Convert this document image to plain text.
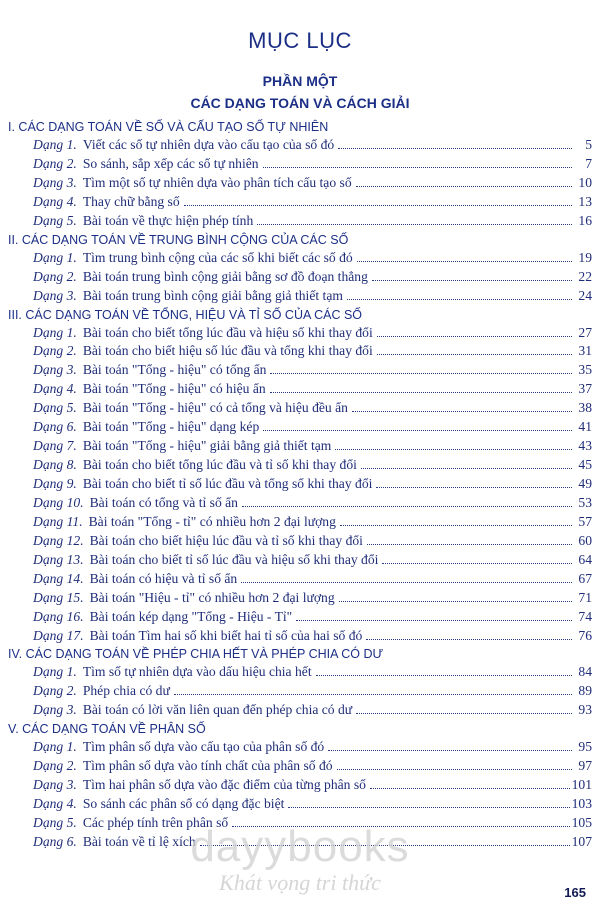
MỤC LỤC
PHẦN MỘT
CÁC DẠNG TOÁN VÀ CÁCH GIẢI
I. CÁC DẠNG TOÁN VỀ SỐ VÀ CẤU TẠO SỐ TỰ NHIÊN
Dạng 1. Viết các số tự nhiên dựa vào cấu tạo của số đó	5
Dạng 2. So sánh, sắp xếp các số tự nhiên	7
Dạng 3. Tìm một số tự nhiên dựa vào phân tích cấu tạo số	10
Dạng 4. Thay chữ bằng số	13
Dạng 5. Bài toán về thực hiện phép tính	16
II. CÁC DẠNG TOÁN VỀ TRUNG BÌNH CỘNG CỦA CÁC SỐ
Dạng 1. Tìm trung bình cộng của các số khi biết các số đó	19
Dạng 2. Bài toán trung bình cộng giải bằng sơ đồ đoạn thẳng	22
Dạng 3. Bài toán trung bình cộng giải bằng giả thiết tạm	24
III. CÁC DẠNG TOÁN VỀ TỔNG, HIỆU VÀ TỈ SỐ CỦA CÁC SỐ
Dạng 1. Bài toán cho biết tổng lúc đầu và hiệu số khi thay đổi	27
Dạng 2. Bài toán cho biết hiệu số lúc đầu và tổng khi thay đổi	31
Dạng 3. Bài toán "Tổng - hiệu" có tổng ẩn	35
Dạng 4. Bài toán "Tổng - hiệu" có hiệu ẩn	37
Dạng 5. Bài toán "Tổng - hiệu" có cả tổng và hiệu đều ẩn	38
Dạng 6. Bài toán "Tổng - hiệu" dạng kép	41
Dạng 7. Bài toán "Tổng - hiệu" giải bằng giả thiết tạm	43
Dạng 8. Bài toán cho biết tổng lúc đầu và tỉ số khi thay đổi	45
Dạng 9. Bài toán cho biết tỉ số lúc đầu và tổng số khi thay đổi	49
Dạng 10. Bài toán có tổng và tỉ số ẩn	53
Dạng 11. Bài toán "Tổng - tỉ" có nhiều hơn 2 đại lượng	57
Dạng 12. Bài toán cho biết hiệu lúc đầu và tỉ số khi thay đổi	60
Dạng 13. Bài toán cho biết tỉ số lúc đầu và hiệu số khi thay đổi	64
Dạng 14. Bài toán có hiệu và tỉ số ẩn	67
Dạng 15. Bài toán "Hiệu - tỉ" có nhiều hơn 2 đại lượng	71
Dạng 16. Bài toán kép dạng "Tổng - Hiệu - Tỉ"	74
Dạng 17. Bài toán Tìm hai số khi biết hai tỉ số của hai số đó	76
IV. CÁC DẠNG TOÁN VỀ PHÉP CHIA HẾT VÀ PHÉP CHIA CÓ DƯ
Dạng 1. Tìm số tự nhiên dựa vào dấu hiệu chia hết	84
Dạng 2. Phép chia có dư	89
Dạng 3. Bài toán có lời văn liên quan đến phép chia có dư	93
V. CÁC DẠNG TOÁN VỀ PHÂN SỐ
Dạng 1. Tìm phân số dựa vào cấu tạo của phân số đó	95
Dạng 2. Tìm phân số dựa vào tính chất của phân số đó	97
Dạng 3. Tìm hai phân số dựa vào đặc điểm của từng phân số	101
Dạng 4. So sánh các phân số có dạng đặc biệt	103
Dạng 5. Các phép tính trên phân số	105
Dạng 6. Bài toán về tỉ lệ xích	107
dayybooks
Khát vọng tri thức	165
